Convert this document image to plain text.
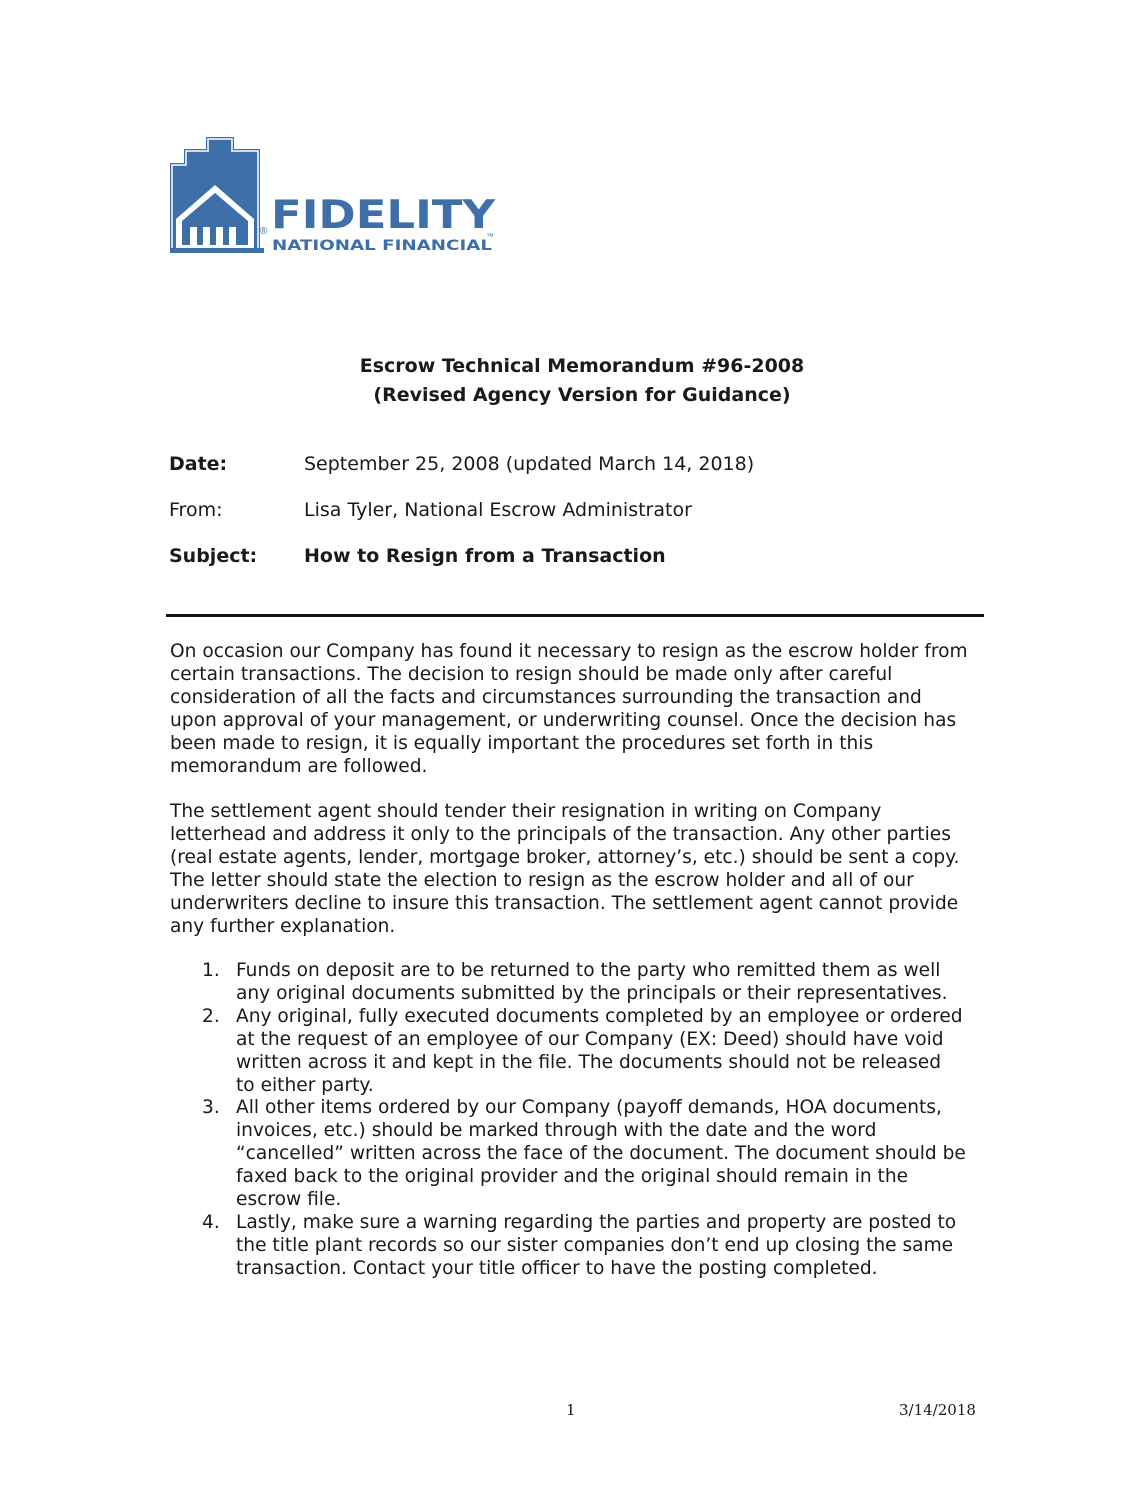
® FIDELITY
NATIONAL FINANCIAL
™
Escrow Technical Memorandum #96-2008
(Revised Agency Version for Guidance)
Date:	September 25, 2008 (updated March 14, 2018)
From:	Lisa Tyler, National Escrow Administrator
Subject: How to Resign from a Transaction
On occasion our Company has found it necessary to resign as the escrow holder from
certain transactions. The decision to resign should be made only after careful
consideration of all the facts and circumstances surrounding the transaction and
upon approval of your management, or underwriting counsel. Once the decision has
been made to resign, it is equally important the procedures set forth in this
memorandum are followed.
The settlement agent should tender their resignation in writing on Company
letterhead and address it only to the principals of the transaction. Any other parties
(real estate agents, lender, mortgage broker, attorney’s, etc.) should be sent a copy.
The letter should state the election to resign as the escrow holder and all of our
underwriters decline to insure this transaction. The settlement agent cannot provide
any further explanation.
1. Funds on deposit are to be returned to the party who remitted them as well
any original documents submitted by the principals or their representatives.
2. Any original, fully executed documents completed by an employee or ordered
at the request of an employee of our Company (EX: Deed) should have void
written across it and kept in the file. The documents should not be released
to either party.
3. All other items ordered by our Company (payoff demands, HOA documents,
invoices, etc.) should be marked through with the date and the word
“cancelled” written across the face of the document. The document should be
faxed back to the original provider and the original should remain in the
escrow file.
4. Lastly, make sure a warning regarding the parties and property are posted to
the title plant records so our sister companies don’t end up closing the same
transaction. Contact your title officer to have the posting completed.
1	3/14/2018
